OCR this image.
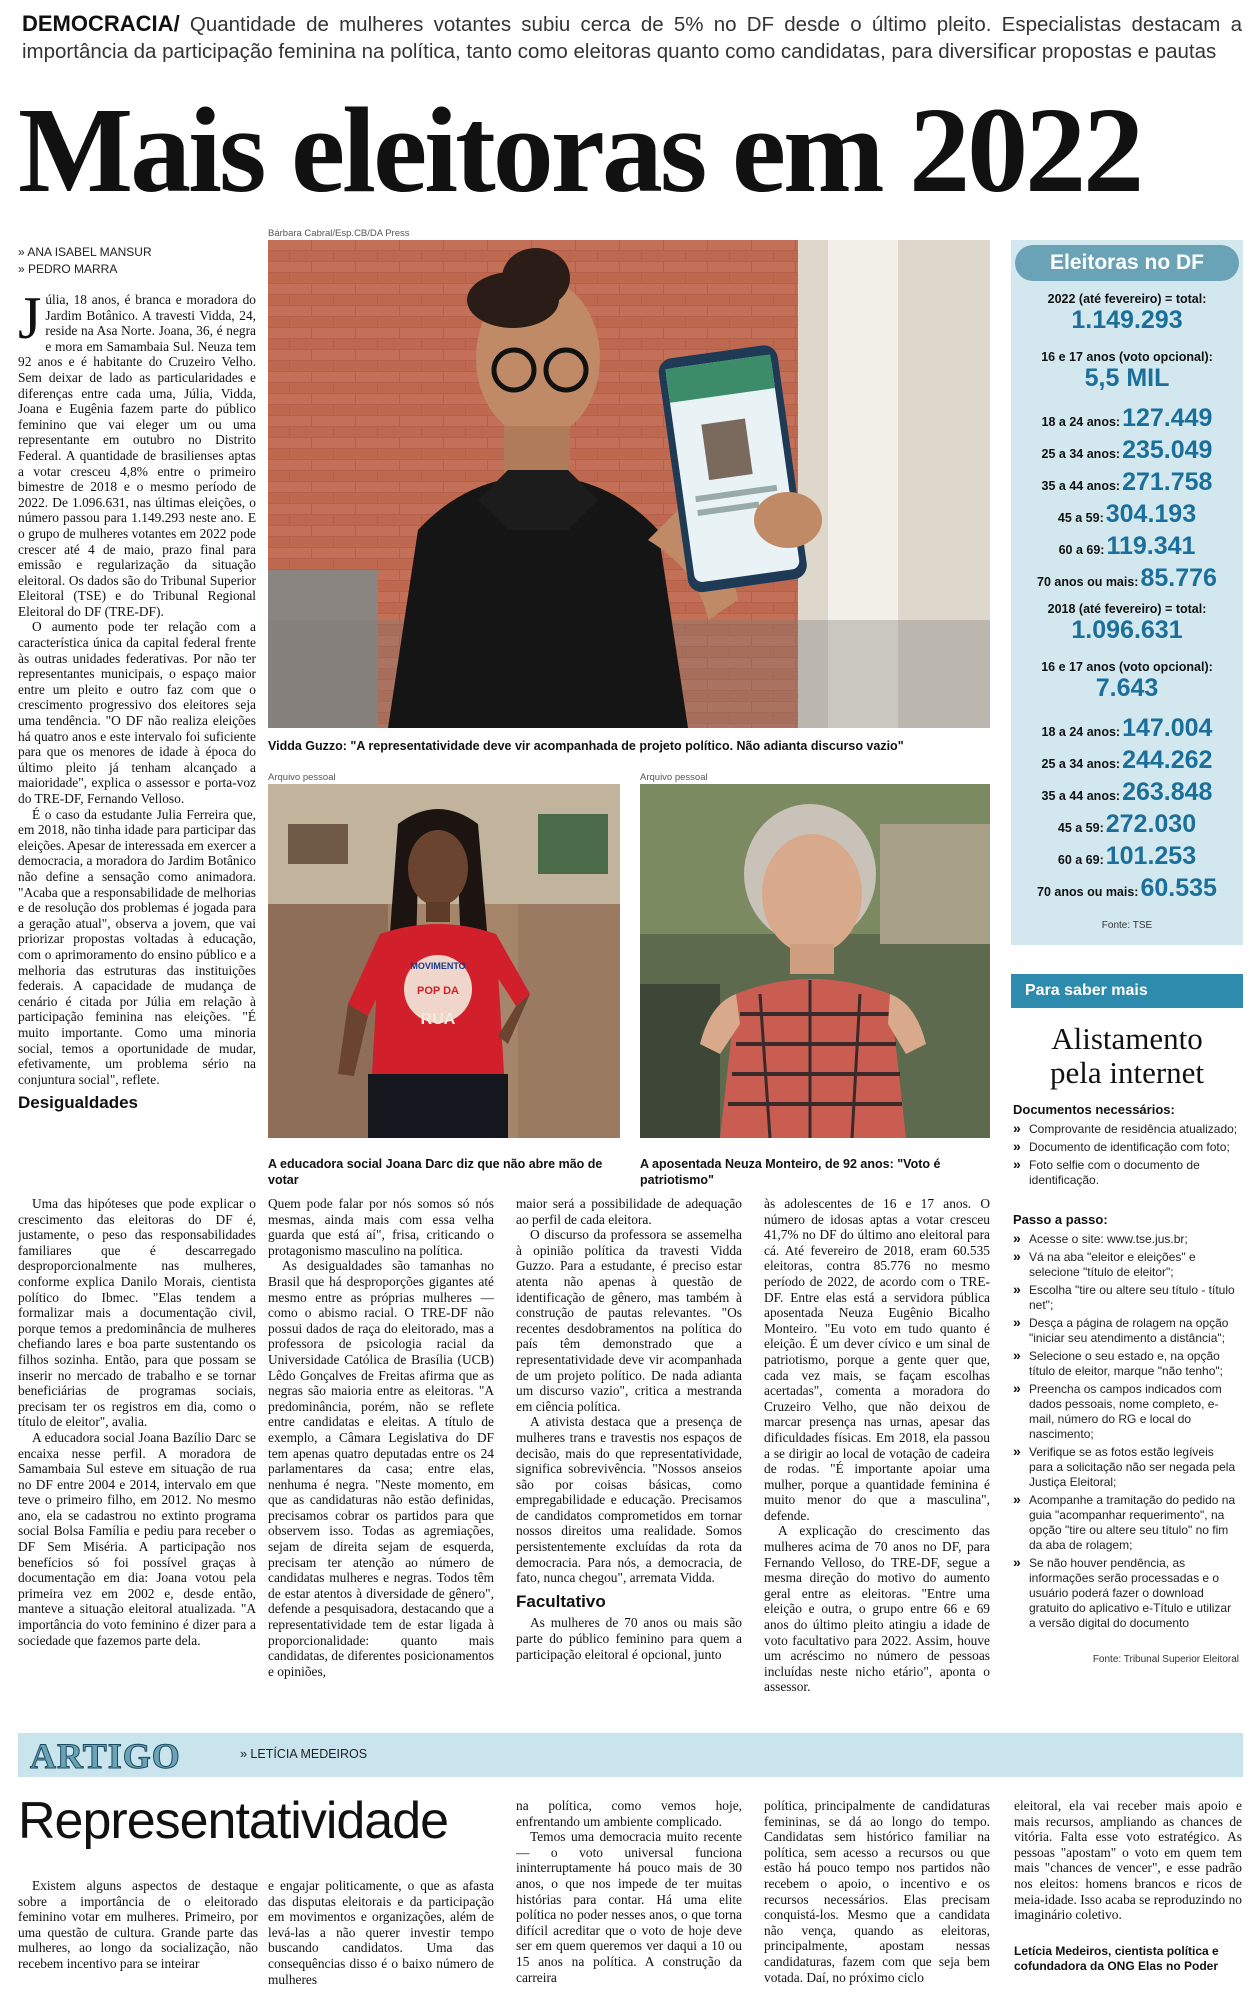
DEMOCRACIA/ Quantidade de mulheres votantes subiu cerca de 5% no DF desde o último pleito. Especialistas destacam a importância da participação feminina na política, tanto como eleitoras quanto como candidatas, para diversificar propostas e pautas
Mais eleitoras em 2022
» ANA ISABEL MANSUR
» PEDRO MARRA
Bárbara Cabral/Esp.CB/DA Press
Vidda Guzzo: "A representatividade deve vir acompanhada de projeto político. Não adianta discurso vazio"
Arquivo pessoal
MOVIMENTO
POP DA
RUA
A educadora social Joana Darc diz que não abre mão de votar
Arquivo pessoal
A aposentada Neuza Monteiro, de 92 anos: "Voto é patriotismo"

Júlia, 18 anos, é branca e moradora do Jardim Botânico. A travesti Vidda, 24, reside na Asa Norte. Joana, 36, é negra e mora em Samambaia Sul. Neuza tem 92 anos e é habitante do Cruzeiro Velho. Sem deixar de lado as particularidades e diferenças entre cada uma, Júlia, Vidda, Joana e Eugênia fazem parte do público feminino que vai eleger um ou uma representante em outubro no Distrito Federal. A quantidade de brasilienses aptas a votar cresceu 4,8% entre o primeiro bimestre de 2018 e o mesmo período de 2022. De 1.096.631, nas últimas eleições, o número passou para 1.149.293 neste ano. E o grupo de mulheres votantes em 2022 pode crescer até 4 de maio, prazo final para emissão e regularização da situação eleitoral. Os dados são do Tribunal Superior Eleitoral (TSE) e do Tribunal Regional Eleitoral do DF (TRE-DF).

O aumento pode ter relação com a característica única da capital federal frente às outras unidades federativas. Por não ter representantes municipais, o espaço maior entre um pleito e outro faz com que o crescimento progressivo dos eleitores seja uma tendência. "O DF não realiza eleições há quatro anos e este intervalo foi suficiente para que os menores de idade à época do último pleito já tenham alcançado a maioridade", explica o assessor e porta-voz do TRE-DF, Fernando Velloso.

É o caso da estudante Julia Ferreira que, em 2018, não tinha idade para participar das eleições. Apesar de interessada em exercer a democracia, a moradora do Jardim Botânico não define a sensação como animadora. "Acaba que a responsabilidade de melhorias e de resolução dos problemas é jogada para a geração atual", observa a jovem, que vai priorizar propostas voltadas à educação, com o aprimoramento do ensino público e a melhoria das estruturas das instituições federais. A capacidade de mudança de cenário é citada por Júlia em relação à participação feminina nas eleições. "É muito importante. Como uma minoria social, temos a oportunidade de mudar, efetivamente, um problema sério na conjuntura social", reflete.

Desigualdades

Uma das hipóteses que pode explicar o crescimento das eleitoras do DF é, justamente, o peso das responsabilidades familiares que é descarregado desproporcionalmente nas mulheres, conforme explica Danilo Morais, cientista político do Ibmec. "Elas tendem a formalizar mais a documentação civil, porque temos a predominância de mulheres chefiando lares e boa parte sustentando os filhos sozinha. Então, para que possam se inserir no mercado de trabalho e se tornar beneficiárias de programas sociais, precisam ter os registros em dia, como o título de eleitor", avalia.

A educadora social Joana Bazílio Darc se encaixa nesse perfil. A moradora de Samambaia Sul esteve em situação de rua no DF entre 2004 e 2014, intervalo em que teve o primeiro filho, em 2012. No mesmo ano, ela se cadastrou no extinto programa social Bolsa Família e pediu para receber o DF Sem Miséria. A participação nos benefícios só foi possível graças à documentação em dia: Joana votou pela primeira vez em 2002 e, desde então, manteve a situação eleitoral atualizada. "A importância do voto feminino é dizer para a sociedade que fazemos parte dela.

Quem pode falar por nós somos só nós mesmas, ainda mais com essa velha guarda que está aí", frisa, criticando o protagonismo masculino na política.

As desigualdades são tamanhas no Brasil que há desproporções gigantes até mesmo entre as próprias mulheres — como o abismo racial. O TRE-DF não possui dados de raça do eleitorado, mas a professora de psicologia racial da Universidade Católica de Brasília (UCB) Lêdo Gonçalves de Freitas afirma que as negras são maioria entre as eleitoras. "A predominância, porém, não se reflete entre candidatas e eleitas. A título de exemplo, a Câmara Legislativa do DF tem apenas quatro deputadas entre os 24 parlamentares da casa; entre elas, nenhuma é negra. "Neste momento, em que as candidaturas não estão definidas, precisamos cobrar os partidos para que observem isso. Todas as agremiações, sejam de direita sejam de esquerda, precisam ter atenção ao número de candidatas mulheres e negras. Todos têm de estar atentos à diversidade de gênero", defende a pesquisadora, destacando que a representatividade tem de estar ligada à proporcionalidade: quanto mais candidatas, de diferentes posicionamentos e opiniões,

maior será a possibilidade de adequação ao perfil de cada eleitora.

O discurso da professora se assemelha à opinião política da travesti Vidda Guzzo. Para a estudante, é preciso estar atenta não apenas à questão de identificação de gênero, mas também à construção de pautas relevantes. "Os recentes desdobramentos na política do país têm demonstrado que a representatividade deve vir acompanhada de um projeto político. De nada adianta um discurso vazio", critica a mestranda em ciência política.

A ativista destaca que a presença de mulheres trans e travestis nos espaços de decisão, mais do que representatividade, significa sobrevivência. "Nossos anseios são por coisas básicas, como empregabilidade e educação. Precisamos de candidatos comprometidos em tornar nossos direitos uma realidade. Somos persistentemente excluídas da rota da democracia. Para nós, a democracia, de fato, nunca chegou", arremata Vidda.

Facultativo

As mulheres de 70 anos ou mais são parte do público feminino para quem a participação eleitoral é opcional, junto

às adolescentes de 16 e 17 anos. O número de idosas aptas a votar cresceu 41,7% no DF do último ano eleitoral para cá. Até fevereiro de 2018, eram 60.535 eleitoras, contra 85.776 no mesmo período de 2022, de acordo com o TRE-DF. Entre elas está a servidora pública aposentada Neuza Eugênio Bicalho Monteiro. "Eu voto em tudo quanto é eleição. É um dever cívico e um sinal de patriotismo, porque a gente quer que, cada vez mais, se façam escolhas acertadas", comenta a moradora do Cruzeiro Velho, que não deixou de marcar presença nas urnas, apesar das dificuldades físicas. Em 2018, ela passou a se dirigir ao local de votação de cadeira de rodas. "É importante apoiar uma mulher, porque a quantidade feminina é muito menor do que a masculina", defende.

A explicação do crescimento das mulheres acima de 70 anos no DF, para Fernando Velloso, do TRE-DF, segue a mesma direção do motivo do aumento geral entre as eleitoras. "Entre uma eleição e outra, o grupo entre 66 e 69 anos do último pleito atingiu a idade de voto facultativo para 2022. Assim, houve um acréscimo no número de pessoas incluídas neste nicho etário", aponta o assessor.

Eleitoras no DF
2022 (até fevereiro) = total:
1.149.293
16 e 17 anos (voto opcional):
5,5 MIL
18 a 24 anos:127.449
25 a 34 anos:235.049
35 a 44 anos:271.758
45 a 59:304.193
60 a 69:119.341
70 anos ou mais:85.776
2018 (até fevereiro) = total:
1.096.631
16 e 17 anos (voto opcional):
7.643
18 a 24 anos:147.004
25 a 34 anos:244.262
35 a 44 anos:263.848
45 a 59:272.030
60 a 69:101.253
70 anos ou mais:60.535
Fonte: TSE
Para saber mais
Alistamento
pela internet
Documentos necessários:
» Comprovante de residência atualizado;
» Documento de identificação com foto;
» Foto selfie com o documento de identificação.
Passo a passo:
» Acesse o site: www.tse.jus.br;
» Vá na aba "eleitor e eleições" e selecione "título de eleitor";
» Escolha "tire ou altere seu título - título net";
» Desça a página de rolagem na opção "iniciar seu atendimento a distância";
» Selecione o seu estado e, na opção título de eleitor, marque "não tenho";
» Preencha os campos indicados com dados pessoais, nome completo, e-mail, número do RG e local do nascimento;
» Verifique se as fotos estão legíveis para a solicitação não ser negada pela Justiça Eleitoral;
» Acompanhe a tramitação do pedido na guia "acompanhar requerimento", na opção "tire ou altere seu título" no fim da aba de rolagem;
» Se não houver pendência, as informações serão processadas e o usuário poderá fazer o download gratuito do aplicativo e-Título e utilizar a versão digital do documento
Fonte: Tribunal Superior Eleitoral
ARTIGO	» LETÍCIA MEDEIROS
Representatividade

Existem alguns aspectos de destaque sobre a importância de o eleitorado feminino votar em mulheres. Primeiro, por uma questão de cultura. Grande parte das mulheres, ao longo da socialização, não recebem incentivo para se inteirar

e engajar politicamente, o que as afasta das disputas eleitorais e da participação em movimentos e organizações, além de levá-las a não querer investir tempo buscando candidatos. Uma das consequências disso é o baixo número de mulheres

na política, como vemos hoje, enfrentando um ambiente complicado.

Temos uma democracia muito recente — o voto universal funciona ininterruptamente há pouco mais de 30 anos, o que nos impede de ter muitas histórias para contar. Há uma elite política no poder nesses anos, o que torna difícil acreditar que o voto de hoje deve ser em quem queremos ver daqui a 10 ou 15 anos na política. A construção da carreira

política, principalmente de candidaturas femininas, se dá ao longo do tempo. Candidatas sem histórico familiar na política, sem acesso a recursos ou que estão há pouco tempo nos partidos não recebem o apoio, o incentivo e os recursos necessários. Elas precisam conquistá-los. Mesmo que a candidata não vença, quando as eleitoras, principalmente, apostam nessas candidaturas, fazem com que seja bem votada. Daí, no próximo ciclo

eleitoral, ela vai receber mais apoio e mais recursos, ampliando as chances de vitória. Falta esse voto estratégico. As pessoas "apostam" o voto em quem tem mais "chances de vencer", e esse padrão nos eleitos: homens brancos e ricos de meia-idade. Isso acaba se reproduzindo no imaginário coletivo.

Letícia Medeiros, cientista política e cofundadora da ONG Elas no Poder
